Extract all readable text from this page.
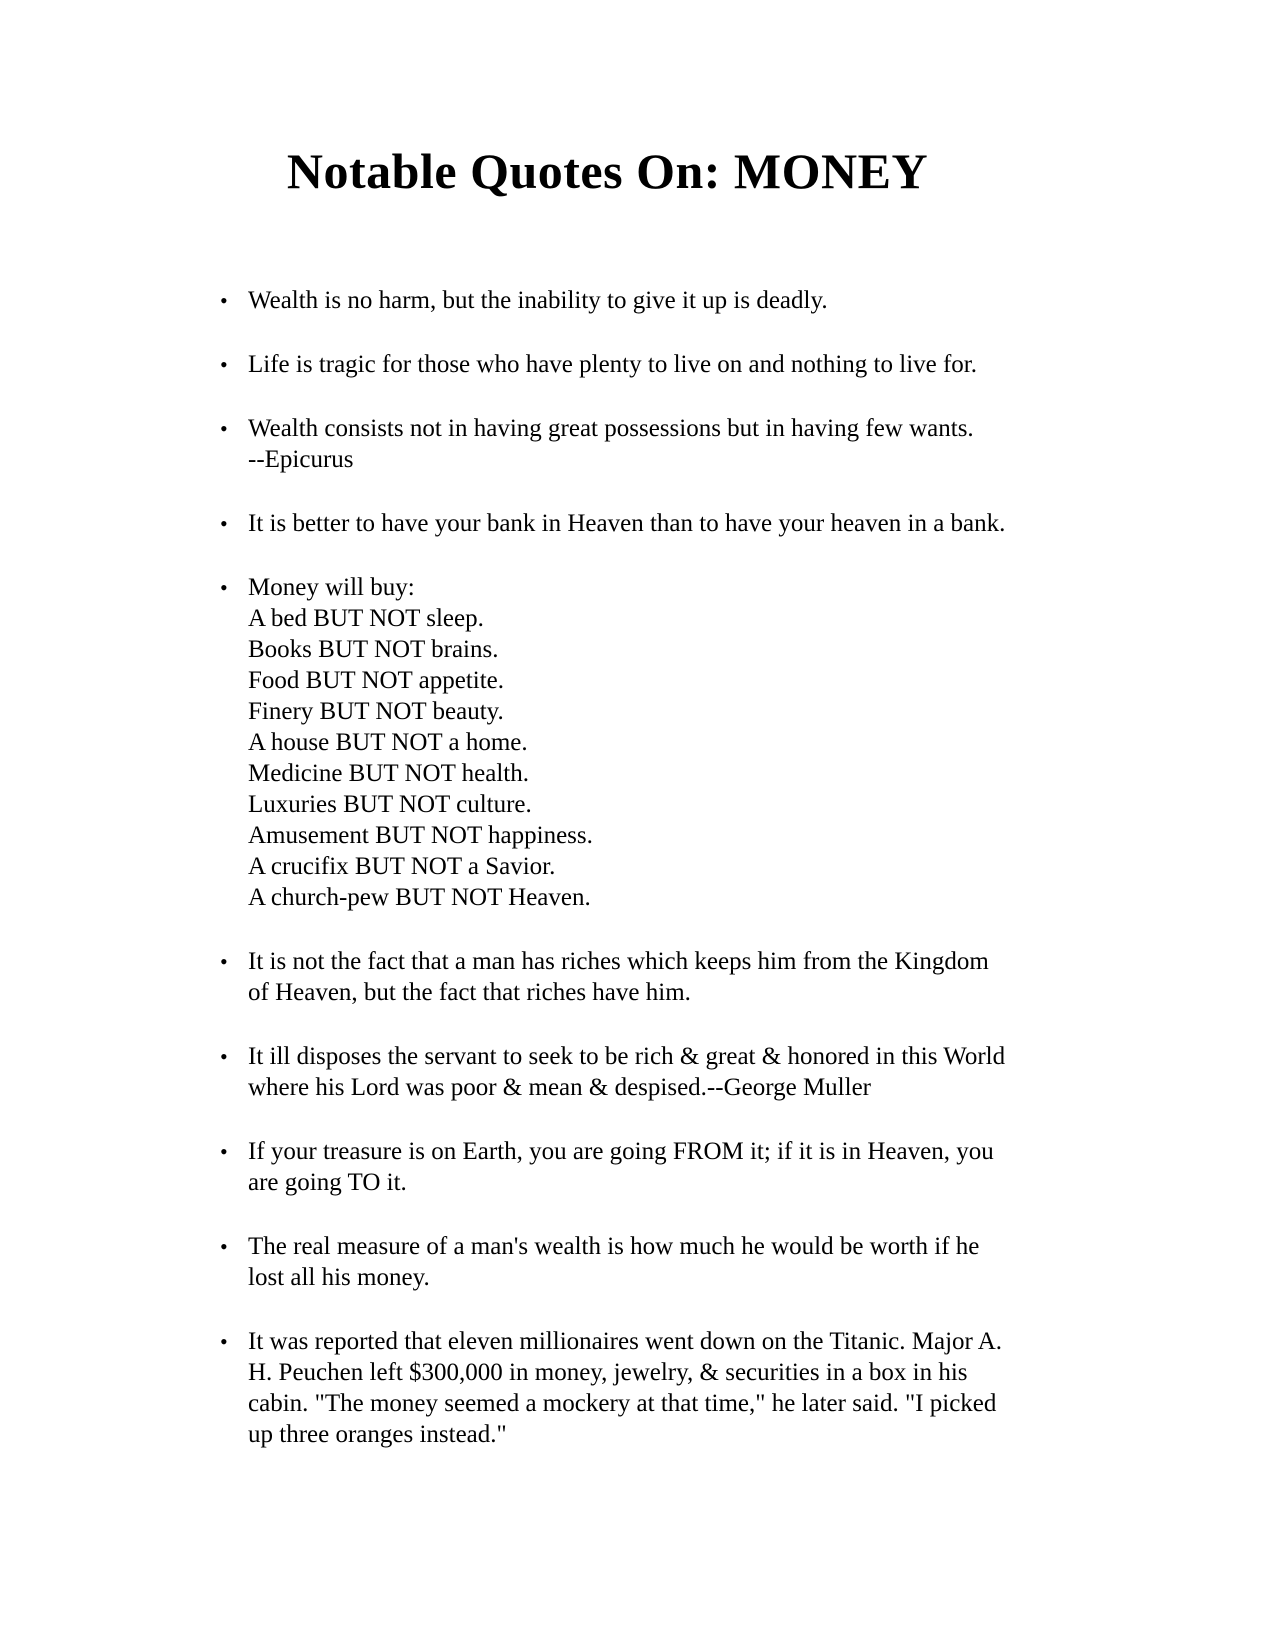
Notable Quotes On: MONEY
• Wealth is no harm, but the inability to give it up is deadly.
• Life is tragic for those who have plenty to live on and nothing to live for.
• Wealth consists not in having great possessions but in having few wants.
--Epicurus
• It is better to have your bank in Heaven than to have your heaven in a bank.
• Money will buy:
A bed BUT NOT sleep.
Books BUT NOT brains.
Food BUT NOT appetite.
Finery BUT NOT beauty.
A house BUT NOT a home.
Medicine BUT NOT health.
Luxuries BUT NOT culture.
Amusement BUT NOT happiness.
A crucifix BUT NOT a Savior.
A church-pew BUT NOT Heaven.
• It is not the fact that a man has riches which keeps him from the Kingdom
of Heaven, but the fact that riches have him.
• It ill disposes the servant to seek to be rich & great & honored in this World
where his Lord was poor & mean & despised.--George Muller
• If your treasure is on Earth, you are going FROM it; if it is in Heaven, you
are going TO it.
• The real measure of a man's wealth is how much he would be worth if he
lost all his money.
• It was reported that eleven millionaires went down on the Titanic. Major A.
H. Peuchen left $300,000 in money, jewelry, & securities in a box in his
cabin. "The money seemed a mockery at that time," he later said. "I picked
up three oranges instead."
